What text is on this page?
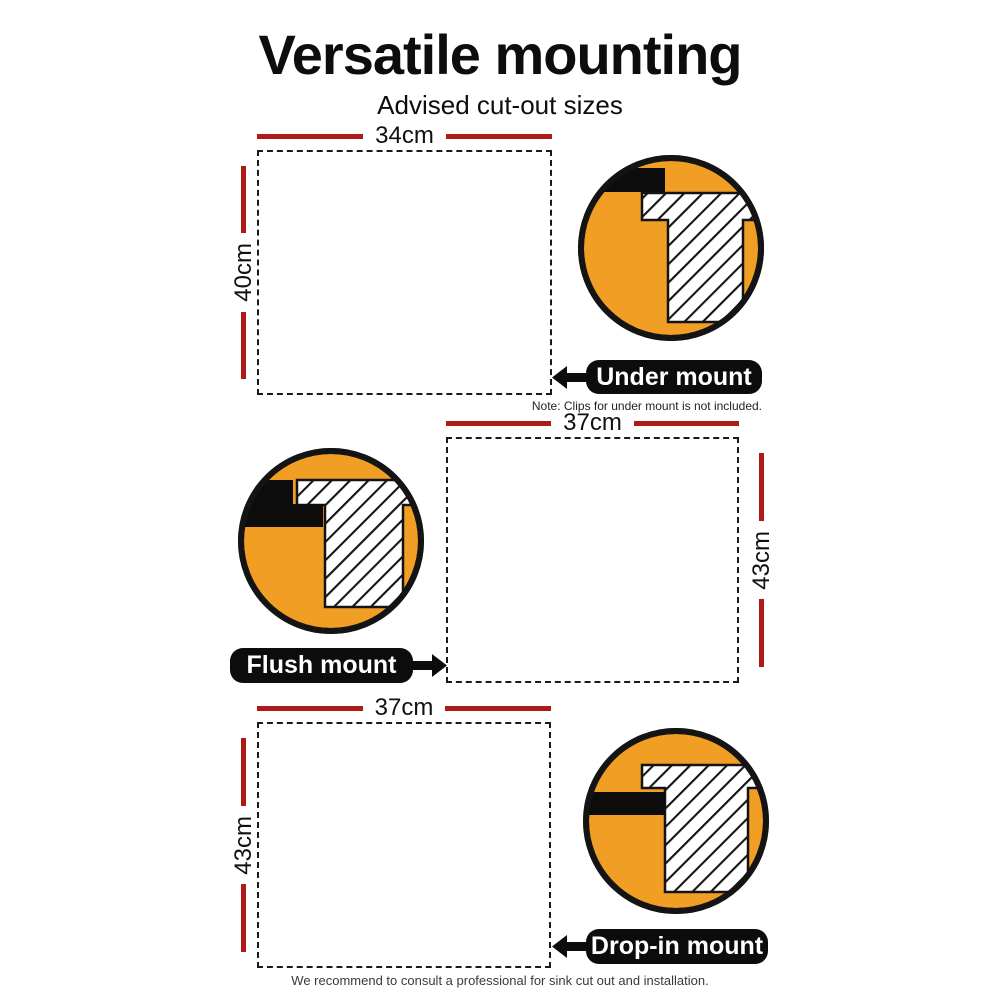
Versatile mounting
Advised cut-out sizes
34cm
40cm
Under mount
Note: Clips for under mount is not included.
37cm
43cm
Flush mount
37cm
43cm
Drop-in mount
We recommend to consult a professional for sink cut out and installation.
